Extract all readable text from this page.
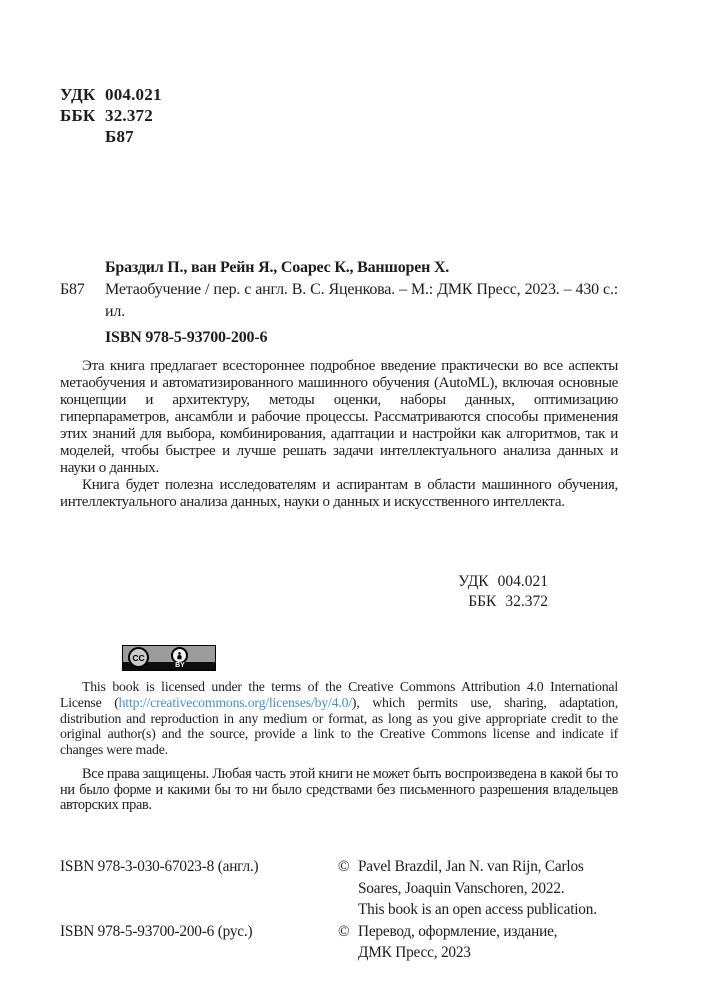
УДК 004.021
ББК 32.372
Б87

Браздил П., ван Рейн Я., Соарес К., Ваншорен Х.

Б87	Метаобучение / пер. с англ. В. С. Яценкова. – М.: ДМК Пресс, 2023. – 430 с.: ил.

ISBN 978-5-93700-200-6

Эта книга предлагает всестороннее подробное введение практически во все аспекты метаобучения и автоматизированного машинного обучения (AutoML), включая основные концепции и архитектуру, методы оценки, наборы данных, оптимизацию гиперпараметров, ансамбли и рабочие процессы. Рассматриваются способы применения этих знаний для выбора, комбинирования, адаптации и настройки как алгоритмов, так и моделей, чтобы быстрее и лучше решать задачи интеллектуального анализа данных и науки о данных.

Книга будет полезна исследователям и аспирантам в области машинного обучения, интеллектуального анализа данных, науки о данных и искусственного интеллекта.

УДК 004.021
ББК 32.372
CC
BY

This book is licensed under the terms of the Creative Commons Attribution 4.0 International License (http://creativecommons.org/licenses/by/4.0/), which permits use, sharing, adaptation, distribution and reproduction in any medium or format, as long as you give appropriate credit to the original author(s) and the source, provide a link to the Creative Commons license and indicate if changes were made.

Все права защищены. Любая часть этой книги не может быть воспроизведена в какой бы то ни было форме и какими бы то ни было средствами без письменного разрешения владельцев авторских прав.

ISBN 978-3-030-67023-8 (англ.)

ISBN 978-5-93700-200-6 (рус.)

© Pavel Brazdil, Jan N. van Rijn, Carlos
Soares, Joaquin Vanschoren, 2022.
This book is an open access publication.
© Перевод, оформление, издание,
ДМК Пресс, 2023
